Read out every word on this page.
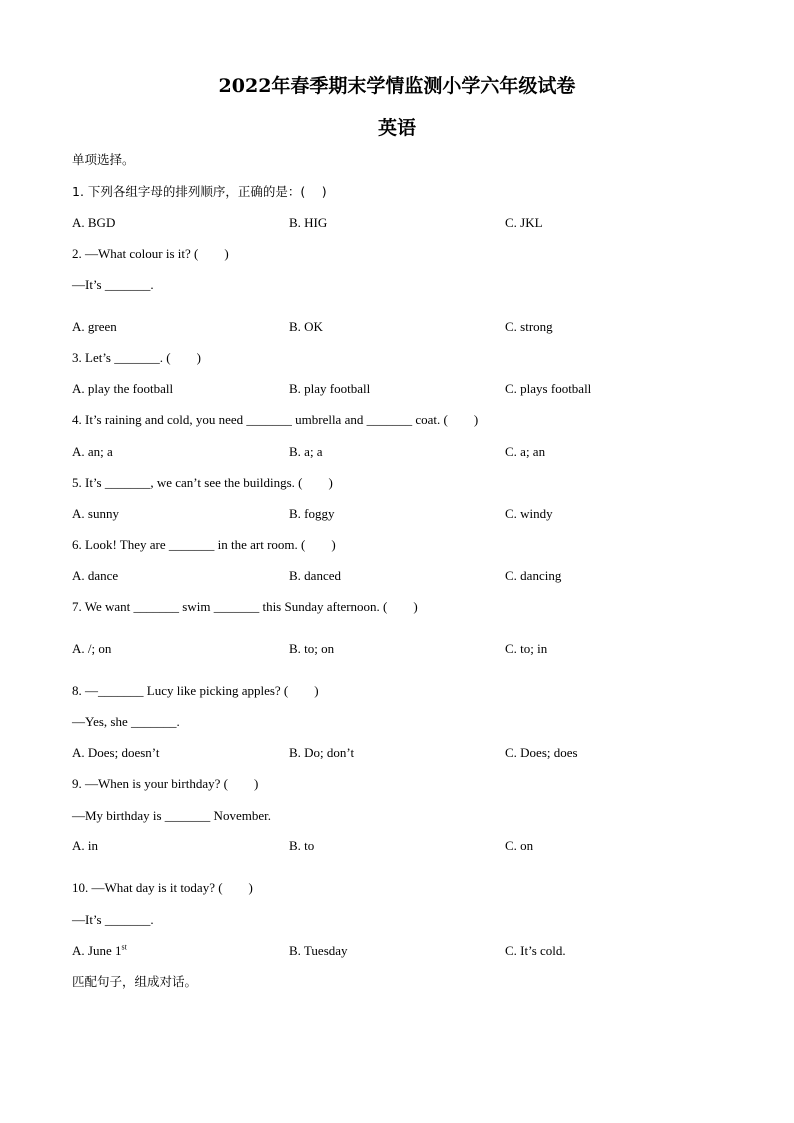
2022年春季期末学情监测小学六年级试卷
英语
单项选择。
1. 下列各组字母的排列顺序，正确的是：(　 )
A. BGD	B. HIG	C. JKL
2. —What colour is it? (　　)
—It’s _______.
A. green	B. OK	C. strong
3. Let’s _______. (　　)
A. play the football	B. play football	C. plays football
4. It’s raining and cold, you need _______ umbrella and _______ coat. (　　)
A. an; a	B. a; a	C. a; an
5. It’s _______, we can’t see the buildings. (　　)
A. sunny	B. foggy	C. windy
6. Look! They are _______ in the art room. (　　)
A. dance	B. danced	C. dancing
7. We want _______ swim _______ this Sunday afternoon. (　　)
A. /; on	B. to; on	C. to; in
8. —_______ Lucy like picking apples? (　　)
—Yes, she _______.
A. Does; doesn’t	B. Do; don’t	C. Does; does
9. —When is your birthday? (　　)
—My birthday is _______ November.
A. in	B. to	C. on
10. —What day is it today? (　　)
—It’s _______.
A. June 1st	B. Tuesday	C. It’s cold.
匹配句子，组成对话。
